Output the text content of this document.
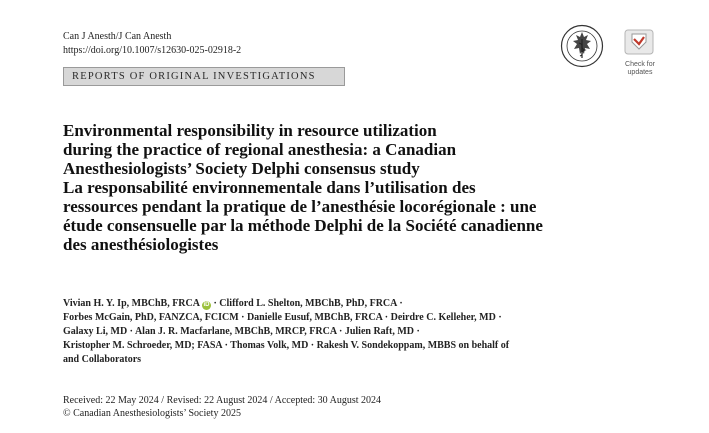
Can J Anesth/J Can Anesth
https://doi.org/10.1007/s12630-025-02918-2
Check for
updates
REPORTS OF ORIGINAL INVESTIGATIONS

Environmental responsibility in resource utilization

during the practice of regional anesthesia: a Canadian

Anesthesiologists’ Society Delphi consensus study

La responsabilité environnementale dans l’utilisation des

ressources pendant la pratique de l’anesthésie locorégionale : une

étude consensuelle par la méthode Delphi de la Société canadienne

des anesthésiologistes

Vivian H. Y. Ip, MBChB, FRCA iD · Clifford L. Shelton, MBChB, PhD, FRCA ·
Forbes McGain, PhD, FANZCA, FCICM · Danielle Eusuf, MBChB, FRCA · Deirdre C. Kelleher, MD ·
Galaxy Li, MD · Alan J. R. Macfarlane, MBChB, MRCP, FRCA · Julien Raft, MD ·
Kristopher M. Schroeder, MD; FASA · Thomas Volk, MD · Rakesh V. Sondekoppam, MBBS on behalf of
and Collaborators
Received: 22 May 2024 / Revised: 22 August 2024 / Accepted: 30 August 2024
© Canadian Anesthesiologists’ Society 2025
